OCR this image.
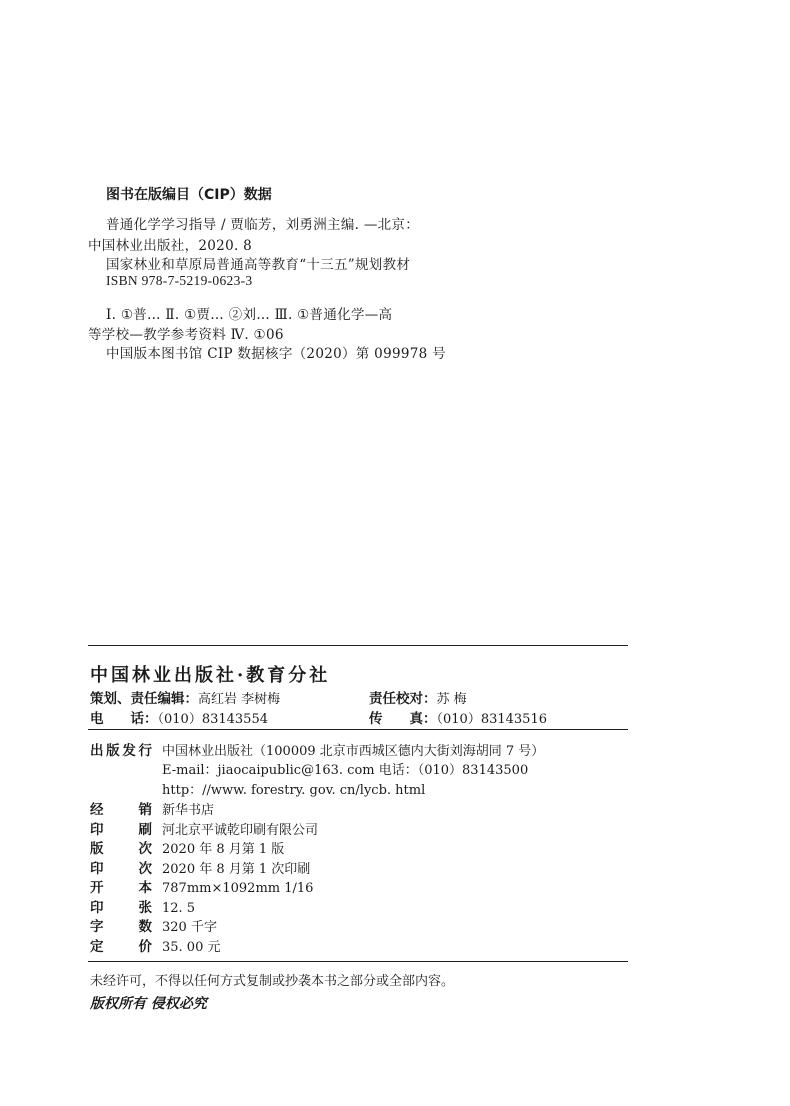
图书在版编目（CIP）数据
普通化学学习指导 / 贾临芳，刘勇洲主编. —北京：
中国林业出版社，2020. 8
国家林业和草原局普通高等教育“十三五”规划教材
ISBN 978-7-5219-0623-3
Ⅰ. ①普… Ⅱ. ①贾… ②刘… Ⅲ. ①普通化学—高
等学校—教学参考资料 Ⅳ. ①06
中国版本图书馆 CIP 数据核字（2020）第 099978 号
中国林业出版社·教育分社
策划、责任编辑：高红岩 李树梅	责任校对：苏 梅
电　　话：（010）83143554	传　　真：（010）83143516
出版发行 中国林业出版社（100009 北京市西城区德内大街刘海胡同 7 号）
E-mail：jiaocaipublic@163. com 电话：（010）83143500
http：//www. forestry. gov. cn/lycb. html
经　　销 新华书店
印　　刷 河北京平诚乾印刷有限公司
版　　次 2020 年 8 月第 1 版
印　　次 2020 年 8 月第 1 次印刷
开　　本 787mm×1092mm 1/16
印　　张 12. 5
字　　数 320 千字
定　　价 35. 00 元
未经许可，不得以任何方式复制或抄袭本书之部分或全部内容。
版权所有 侵权必究
